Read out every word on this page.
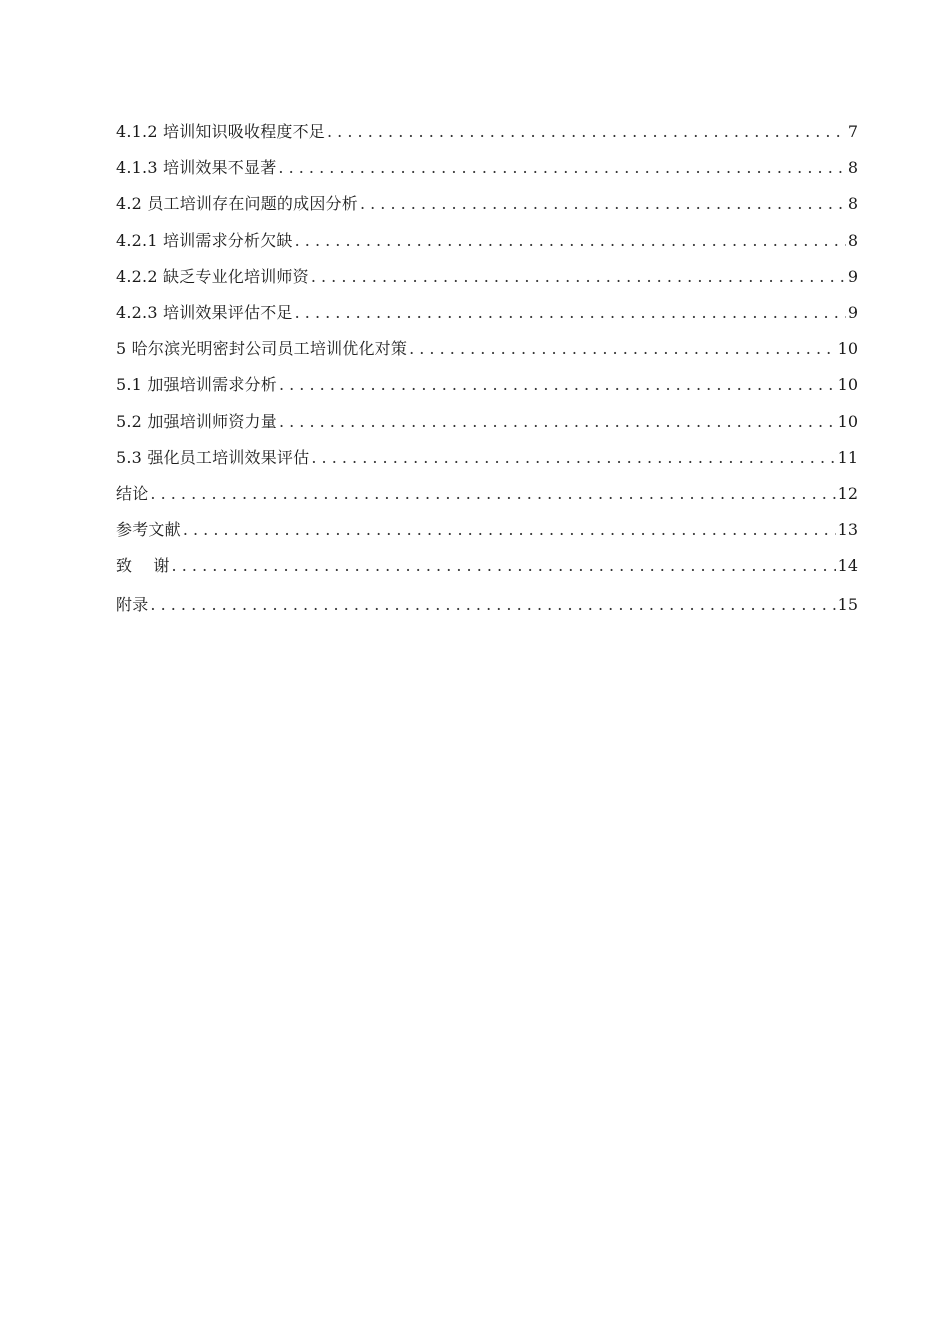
4.1.2 培训知识吸收程度不足 . . .	7
4.1.3 培训效果不显著 . . .	8
4.2 员工培训存在问题的成因分析 . . .	8
4.2.1 培训需求分析欠缺 . . .	8
4.2.2 缺乏专业化培训师资 . . .	9
4.2.3 培训效果评估不足 . . .	9
5 哈尔滨光明密封公司员工培训优化对策 . . .	10
5.1 加强培训需求分析 . . .	10
5.2 加强培训师资力量 . . .	10
5.3 强化员工培训效果评估 . . .	11
结论 . . .	12
参考文献 . . .	13
致    谢 . . .	14
附录 . . .	15
